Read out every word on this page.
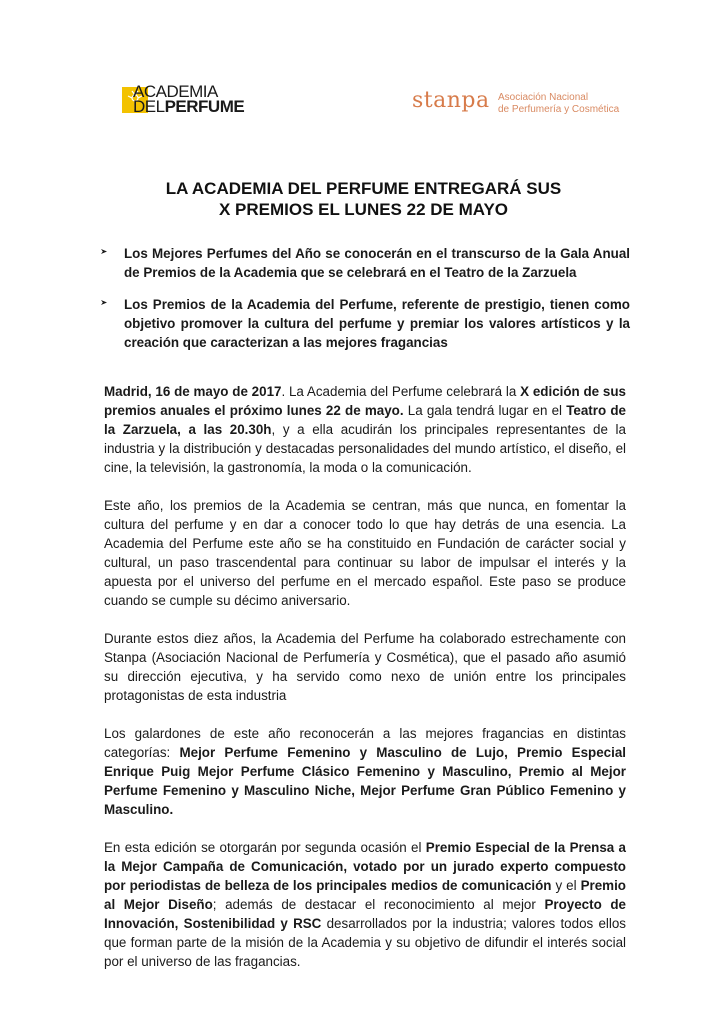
ACADEMIA
DELPERFUME	stanpa Asociación Nacional
de Perfumería y Cosmética
LA ACADEMIA DEL PERFUME ENTREGARÁ SUS
X PREMIOS EL LUNES 22 DE MAYO
Los Mejores Perfumes del Año se conocerán en el transcurso de la Gala Anual de Premios de la Academia que se celebrará en el Teatro de la Zarzuela
Los Premios de la Academia del Perfume, referente de prestigio, tienen como objetivo promover la cultura del perfume y premiar los valores artísticos y la creación que caracterizan a las mejores fragancias

Madrid, 16 de mayo de 2017. La Academia del Perfume celebrará la X edición de sus premios anuales el próximo lunes 22 de mayo. La gala tendrá lugar en el Teatro de la Zarzuela, a las 20.30h, y a ella acudirán los principales representantes de la industria y la distribución y destacadas personalidades del mundo artístico, el diseño, el cine, la televisión, la gastronomía, la moda o la comunicación.

Este año, los premios de la Academia se centran, más que nunca, en fomentar la cultura del perfume y en dar a conocer todo lo que hay detrás de una esencia. La Academia del Perfume este año se ha constituido en Fundación de carácter social y cultural, un paso trascendental para continuar su labor de impulsar el interés y la apuesta por el universo del perfume en el mercado español. Este paso se produce cuando se cumple su décimo aniversario.

Durante estos diez años, la Academia del Perfume ha colaborado estrechamente con Stanpa (Asociación Nacional de Perfumería y Cosmética), que el pasado año asumió su dirección ejecutiva, y ha servido como nexo de unión entre los principales protagonistas de esta industria

Los galardones de este año reconocerán a las mejores fragancias en distintas categorías: Mejor Perfume Femenino y Masculino de Lujo, Premio Especial Enrique Puig Mejor Perfume Clásico Femenino y Masculino, Premio al Mejor Perfume Femenino y Masculino Niche, Mejor Perfume Gran Público Femenino y Masculino.

En esta edición se otorgarán por segunda ocasión el Premio Especial de la Prensa a la Mejor Campaña de Comunicación, votado por un jurado experto compuesto por periodistas de belleza de los principales medios de comunicación y el Premio al Mejor Diseño; además de destacar el reconocimiento al mejor Proyecto de Innovación, Sostenibilidad y RSC desarrollados por la industria; valores todos ellos que forman parte de la misión de la Academia y su objetivo de difundir el interés social por el universo de las fragancias.
